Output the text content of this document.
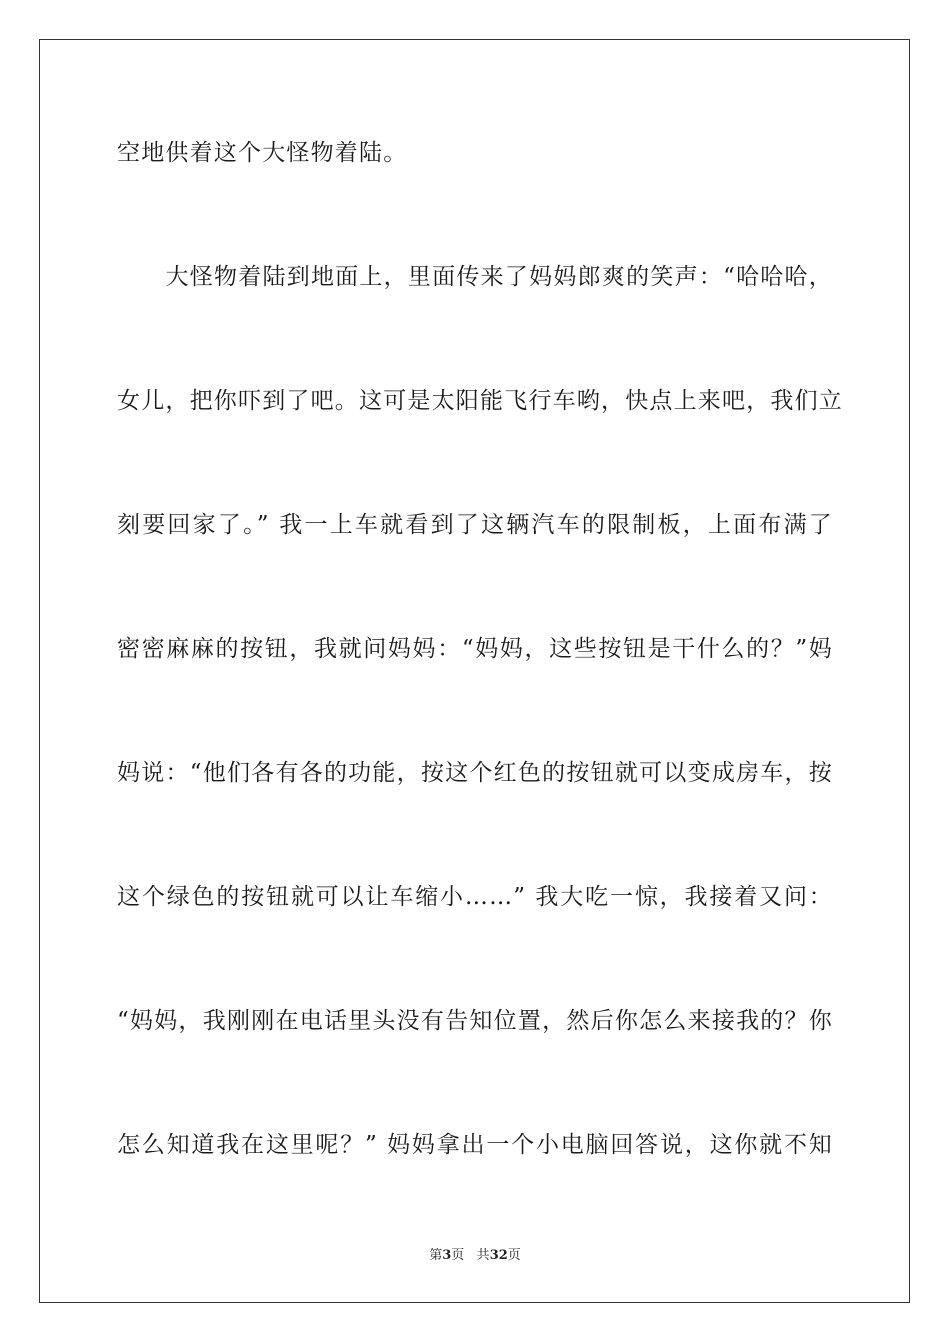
空地供着这个大怪物着陆。
　　大怪物着陆到地面上，里面传来了妈妈郎爽的笑声：“哈哈哈，
女儿，把你吓到了吧。这可是太阳能飞行车哟，快点上来吧，我们立
刻要回家了。” 我一上车就看到了这辆汽车的限制板，上面布满了
密密麻麻的按钮，我就问妈妈：“妈妈，这些按钮是干什么的？”妈
妈说：“他们各有各的功能，按这个红色的按钮就可以变成房车，按
这个绿色的按钮就可以让车缩小……” 我大吃一惊，我接着又问：
“妈妈，我刚刚在电话里头没有告知位置，然后你怎么来接我的？你
怎么知道我在这里呢？” 妈妈拿出一个小电脑回答说，这你就不知
第3页 共32页
